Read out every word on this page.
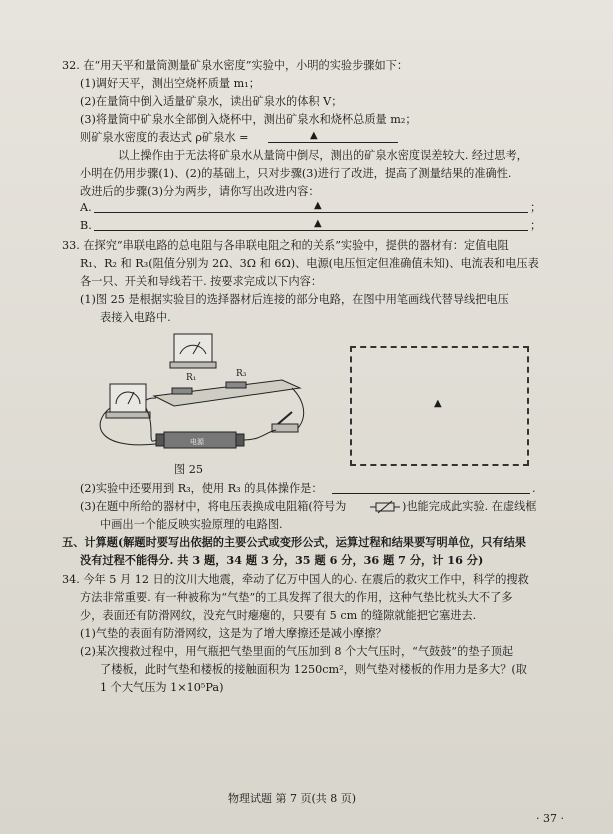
32. 在“用天平和量筒测量矿泉水密度”实验中，小明的实验步骤如下：
(1)调好天平，测出空烧杯质量 m₁；
(2)在量筒中倒入适量矿泉水，读出矿泉水的体积 V；
(3)将量筒中矿泉水全部倒入烧杯中，测出矿泉水和烧杯总质量 m₂；
则矿泉水密度的表达式 ρ矿泉水 =	▲
以上操作由于无法将矿泉水从量筒中倒尽，测出的矿泉水密度误差较大. 经过思考，
小明在仍用步骤(1)、(2)的基础上，只对步骤(3)进行了改进，提高了测量结果的准确性.
改进后的步骤(3)分为两步，请你写出改进内容：
A.	▲	；
B.	▲	；
33. 在探究“串联电路的总电阻与各串联电阻之和的关系”实验中，提供的器材有：定值电阻
R₁、R₂ 和 R₃(阻值分别为 2Ω、3Ω 和 6Ω)、电源(电压恒定但准确值未知)、电流表和电压表
各一只、开关和导线若干. 按要求完成以下内容：
(1)图 25 是根据实验目的选择器材后连接的部分电路，在图中用笔画线代替导线把电压
表接入电路中.
R₁	R₃
电源
图 25
▲
(2)实验中还要用到 R₃，使用 R₃ 的具体操作是：	.
(3)在题中所给的器材中，将电压表换成电阻箱(符号为	)也能完成此实验. 在虚线框
中画出一个能反映实验原理的电路图.
五、计算题(解题时要写出依据的主要公式或变形公式，运算过程和结果要写明单位，只有结果
没有过程不能得分. 共 3 题，34 题 3 分，35 题 6 分，36 题 7 分，计 16 分)
34. 今年 5 月 12 日的汶川大地震，牵动了亿万中国人的心. 在震后的救灾工作中，科学的搜救
方法非常重要. 有一种被称为“气垫”的工具发挥了很大的作用，这种气垫比枕头大不了多
少，表面还有防滑网纹，没充气时瘪瘪的，只要有 5 cm 的缝隙就能把它塞进去.
(1)气垫的表面有防滑网纹，这是为了增大摩擦还是减小摩擦？
(2)某次搜救过程中，用气瓶把气垫里面的气压加到 8 个大气压时，“气鼓鼓”的垫子顶起
了楼板，此时气垫和楼板的接触面积为 1250cm²，则气垫对楼板的作用力是多大？(取
1 个大气压为 1×10⁵Pa)
物理试题 第 7 页(共 8 页)
· 37 ·
